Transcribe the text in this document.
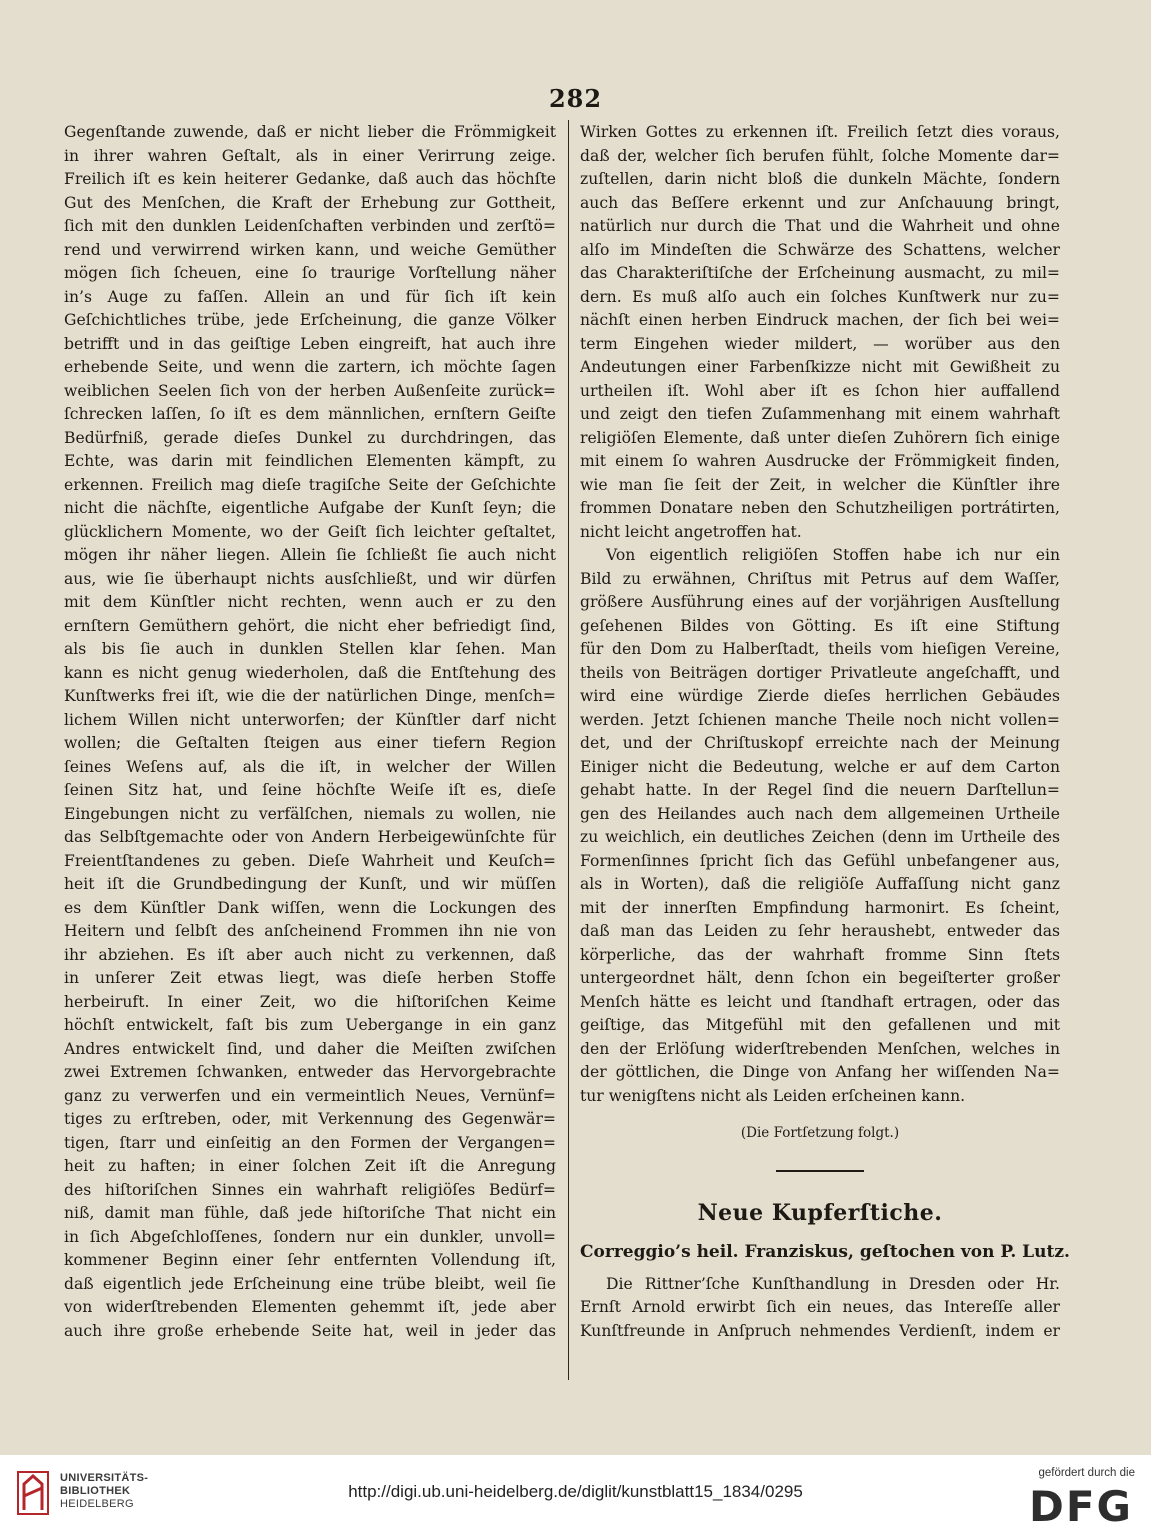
282

Gegenſtande zuwende, daß er nicht lieber die Frömmigkeit

in ihrer wahren Geſtalt, als in einer Verirrung zeige.

Freilich iſt es kein heiterer Gedanke, daß auch das höchſte

Gut des Menſchen, die Kraft der Erhebung zur Gottheit,

ſich mit den dunklen Leidenſchaften verbinden und zerſtö=

rend und verwirrend wirken kann, und weiche Gemüther

mögen ſich ſcheuen, eine ſo traurige Vorſtellung näher

in’s Auge zu faſſen. Allein an und für ſich iſt kein

Geſchichtliches trübe, jede Erſcheinung, die ganze Völker

betrifft und in das geiſtige Leben eingreift, hat auch ihre

erhebende Seite, und wenn die zartern, ich möchte ſagen

weiblichen Seelen ſich von der herben Außenſeite zurück=

ſchrecken laſſen, ſo iſt es dem männlichen, ernſtern Geiſte

Bedürfniß, gerade dieſes Dunkel zu durchdringen, das

Echte, was darin mit feindlichen Elementen kämpft, zu

erkennen. Freilich mag dieſe tragiſche Seite der Geſchichte

nicht die nächſte, eigentliche Aufgabe der Kunſt ſeyn; die

glücklichern Momente, wo der Geiſt ſich leichter geſtaltet,

mögen ihr näher liegen. Allein ſie ſchließt ſie auch nicht

aus, wie ſie überhaupt nichts ausſchließt, und wir dürfen

mit dem Künſtler nicht rechten, wenn auch er zu den

ernſtern Gemüthern gehört, die nicht eher befriedigt ſind,

als bis ſie auch in dunklen Stellen klar ſehen. Man

kann es nicht genug wiederholen, daß die Entſtehung des

Kunſtwerks frei iſt, wie die der natürlichen Dinge, menſch=

lichem Willen nicht unterworfen; der Künſtler darf nicht

wollen; die Geſtalten ſteigen aus einer tiefern Region

ſeines Weſens auf, als die iſt, in welcher der Willen

ſeinen Sitz hat, und ſeine höchſte Weiſe iſt es, dieſe

Eingebungen nicht zu verfälſchen, niemals zu wollen, nie

das Selbſtgemachte oder von Andern Herbeigewünſchte für

Freientſtandenes zu geben. Dieſe Wahrheit und Keuſch=

heit iſt die Grundbedingung der Kunſt, und wir müſſen

es dem Künſtler Dank wiſſen, wenn die Lockungen des

Heitern und ſelbſt des anſcheinend Frommen ihn nie von

ihr abziehen. Es iſt aber auch nicht zu verkennen, daß

in unſerer Zeit etwas liegt, was dieſe herben Stoffe

herbeiruft. In einer Zeit, wo die hiſtoriſchen Keime

höchſt entwickelt, faſt bis zum Uebergange in ein ganz

Andres entwickelt ſind, und daher die Meiſten zwiſchen

zwei Extremen ſchwanken, entweder das Hervorgebrachte

ganz zu verwerfen und ein vermeintlich Neues, Vernünf=

tiges zu erſtreben, oder, mit Verkennung des Gegenwär=

tigen, ſtarr und einſeitig an den Formen der Vergangen=

heit zu haften; in einer ſolchen Zeit iſt die Anregung

des hiſtoriſchen Sinnes ein wahrhaft religiöſes Bedürf=

niß, damit man fühle, daß jede hiſtoriſche That nicht ein

in ſich Abgeſchloſſenes, ſondern nur ein dunkler, unvoll=

kommener Beginn einer ſehr entfernten Vollendung iſt,

daß eigentlich jede Erſcheinung eine trübe bleibt, weil ſie

von widerſtrebenden Elementen gehemmt iſt, jede aber

auch ihre große erhebende Seite hat, weil in jeder das

Wirken Gottes zu erkennen iſt. Freilich ſetzt dies voraus,

daß der, welcher ſich berufen fühlt, ſolche Momente dar=

zuſtellen, darin nicht bloß die dunkeln Mächte, ſondern

auch das Beſſere erkennt und zur Anſchauung bringt,

natürlich nur durch die That und die Wahrheit und ohne

alſo im Mindeſten die Schwärze des Schattens, welcher

das Charakteriſtiſche der Erſcheinung ausmacht, zu mil=

dern. Es muß alſo auch ein ſolches Kunſtwerk nur zu=

nächſt einen herben Eindruck machen, der ſich bei wei=

term Eingehen wieder mildert, — worüber aus den

Andeutungen einer Farbenſkizze nicht mit Gewißheit zu

urtheilen iſt. Wohl aber iſt es ſchon hier auffallend

und zeigt den tiefen Zuſammenhang mit einem wahrhaft

religiöſen Elemente, daß unter dieſen Zuhörern ſich einige

mit einem ſo wahren Ausdrucke der Frömmigkeit finden,

wie man ſie ſeit der Zeit, in welcher die Künſtler ihre

frommen Donatare neben den Schutzheiligen portrátirten,

nicht leicht angetroffen hat.

Von eigentlich religiöſen Stoffen habe ich nur ein

Bild zu erwähnen, Chriſtus mit Petrus auf dem Waſſer,

größere Ausführung eines auf der vorjährigen Ausſtellung

geſehenen Bildes von Götting. Es iſt eine Stiftung

für den Dom zu Halberſtadt, theils vom hieſigen Vereine,

theils von Beiträgen dortiger Privatleute angeſchafft, und

wird eine würdige Zierde dieſes herrlichen Gebäudes

werden. Jetzt ſchienen manche Theile noch nicht vollen=

det, und der Chriſtuskopf erreichte nach der Meinung

Einiger nicht die Bedeutung, welche er auf dem Carton

gehabt hatte. In der Regel ſind die neuern Darſtellun=

gen des Heilandes auch nach dem allgemeinen Urtheile

zu weichlich, ein deutliches Zeichen (denn im Urtheile des

Formenſinnes ſpricht ſich das Gefühl unbefangener aus,

als in Worten), daß die religiöſe Auffaſſung nicht ganz

mit der innerſten Empfindung harmonirt. Es ſcheint,

daß man das Leiden zu ſehr heraushebt, entweder das

körperliche, das der wahrhaft fromme Sinn ſtets

untergeordnet hält, denn ſchon ein begeiſterter großer

Menſch hätte es leicht und ſtandhaft ertragen, oder das

geiſtige, das Mitgefühl mit den gefallenen und mit

den der Erlöſung widerſtrebenden Menſchen, welches in

der göttlichen, die Dinge von Anfang her wiſſenden Na=

tur wenigſtens nicht als Leiden erſcheinen kann.

(Die Fortſetzung folgt.)
Neue Kupferſtiche.
Correggio’s heil. Franziskus, geſtochen von P. Lutz.

Die Rittner’ſche Kunſthandlung in Dresden oder Hr.

Ernſt Arnold erwirbt ſich ein neues, das Intereſſe aller

Kunſtfreunde in Anſpruch nehmendes Verdienſt, indem er

UNIVERSITÄTS-
BIBLIOTHEK
HEIDELBERG
http://digi.ub.uni-heidelberg.de/diglit/kunstblatt15_1834/0295
gefördert durch die
DFG
